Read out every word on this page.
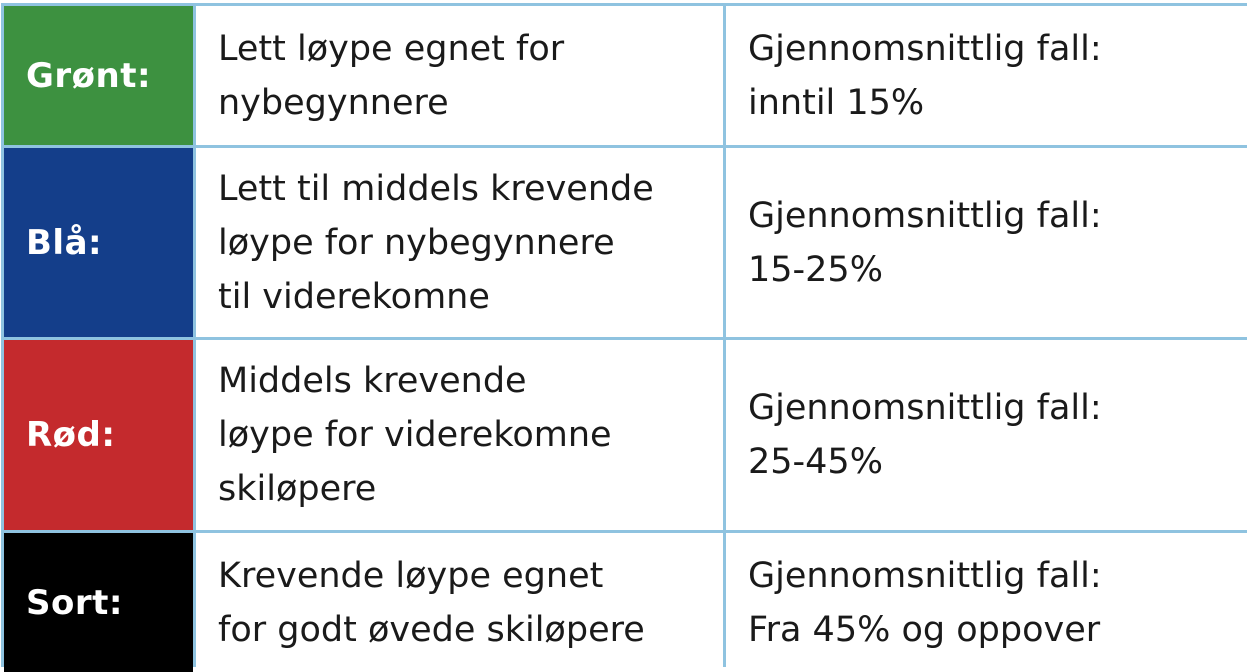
Grønt:
Lett løype egnet for
nybegynnere
Gjennomsnittlig fall:
inntil 15%
Blå:
Lett til middels krevende
løype for nybegynnere
til viderekomne
Gjennomsnittlig fall:
15-25%
Rød:
Middels krevende
løype for viderekomne
skiløpere
Gjennomsnittlig fall:
25-45%
Sort:
Krevende løype egnet
for godt øvede skiløpere
Gjennomsnittlig fall:
Fra 45% og oppover
